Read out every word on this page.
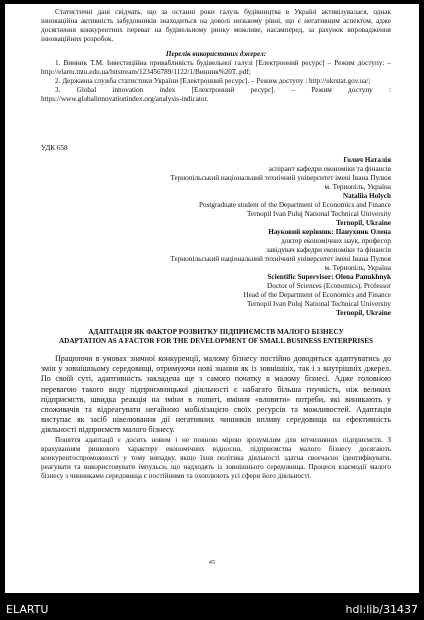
Статистичні дані свідчать, що за останні роки галузь будівництва в Україні активізувалася, однак інноваційна активність забудовників знаходиться на доволі низькому рівні, що є негативним аспектом, адже досягнення конкурентних переваг на будівельному ринку можливе, насамперед, за рахунок впровадження інноваційних розробок.

Перелік використаних джерел:

1. Винник Т.М. Інвестиційна привабливість будівельної галузі [Електронний ресурс] – Режим доступу: –http://elartu.tntu.edu.ua/bitstream/123456789/1122/1/Винник%20Т..pdf;

2. Державна служба статистики України [Електронний ресурс]. – Режим доступу : http://ukrstat.gov.ua/;

3. Global innovation index [Електронний ресурс]. – Режим доступу : https://www.globalinnovationindex.org/analysis-indicator.

УДК 658

Голич Наталія

аспірант кафедри економіки та фінансів

Тернопільський національний технічний університет імені Івана Пулюя

м. Тернопіль, Україна

Nataliia Holych

Postgraduate student of the Department of Economics and Finance

Ternopil Ivan Puluj National Technical University

Ternopil, Ukraine

Науковий керівник: Панухник Олена

доктор економічних наук, професор

завідувач кафедри економіки та фінансів

Тернопільський національний технічний університет імені Івана Пулюя

м. Тернопіль, Україна

Scientific Supervisor: Olena Panukhnyk

Doctor of Sciences (Economics), Professor

Head of the Department of Economics and Finance

Ternopil Ivan Puluj National Technical University

Ternopil, Ukraine

АДАПТАЦІЯ ЯК ФАКТОР РОЗВИТКУ ПІДПРИЄМСТВ МАЛОГО БІЗНЕСУ

ADAPTATION AS A FACTOR FOR THE DEVELOPMENT OF SMALL BUSINESS ENTERPRISES

Працюючи в умовах значної конкуренції, малому бізнесу постійно доводиться адаптуватись до змін у зовнішньому середовищі, отримуючи нові знання як із зовнішніх, так і з внутрішніх джерел. По своїй суті, адаптивність закладена ще з самого початку в малому бізнесі. Адже головною перевагою такого виду підприємницької діяльності є набагато більша гнучкість, ніж великих підприємств, швидка реакція на зміни в попиті, вміння «вловити» потреби, які виникають у споживачів та відреагувати негайною мобілізацією своїх ресурсів та можливостей. Адаптація виступає як засіб нівелювання дії негативних чинників впливу середовища на ефективність діяльності підприємств малого бізнесу.

Поняття адаптації є досить новим і не повною мірою зрозумілим для вітчизняних підприємств. З врахуванням ринкового характеру економічних відносин, підприємства малого бізнесу досягають конкурентоспроможності у тому випадку, якщо їхня політика діяльності здатна своєчасно ідентифікувати, реагувати та використовувати імпульси, що надходять із зовнішнього середовища. Процеси взаємодії малого бізнесу з чинниками середовища є постійними та охоплюють усі сфери його діяльності.

45
ELARTU	hdl:lib/31437
